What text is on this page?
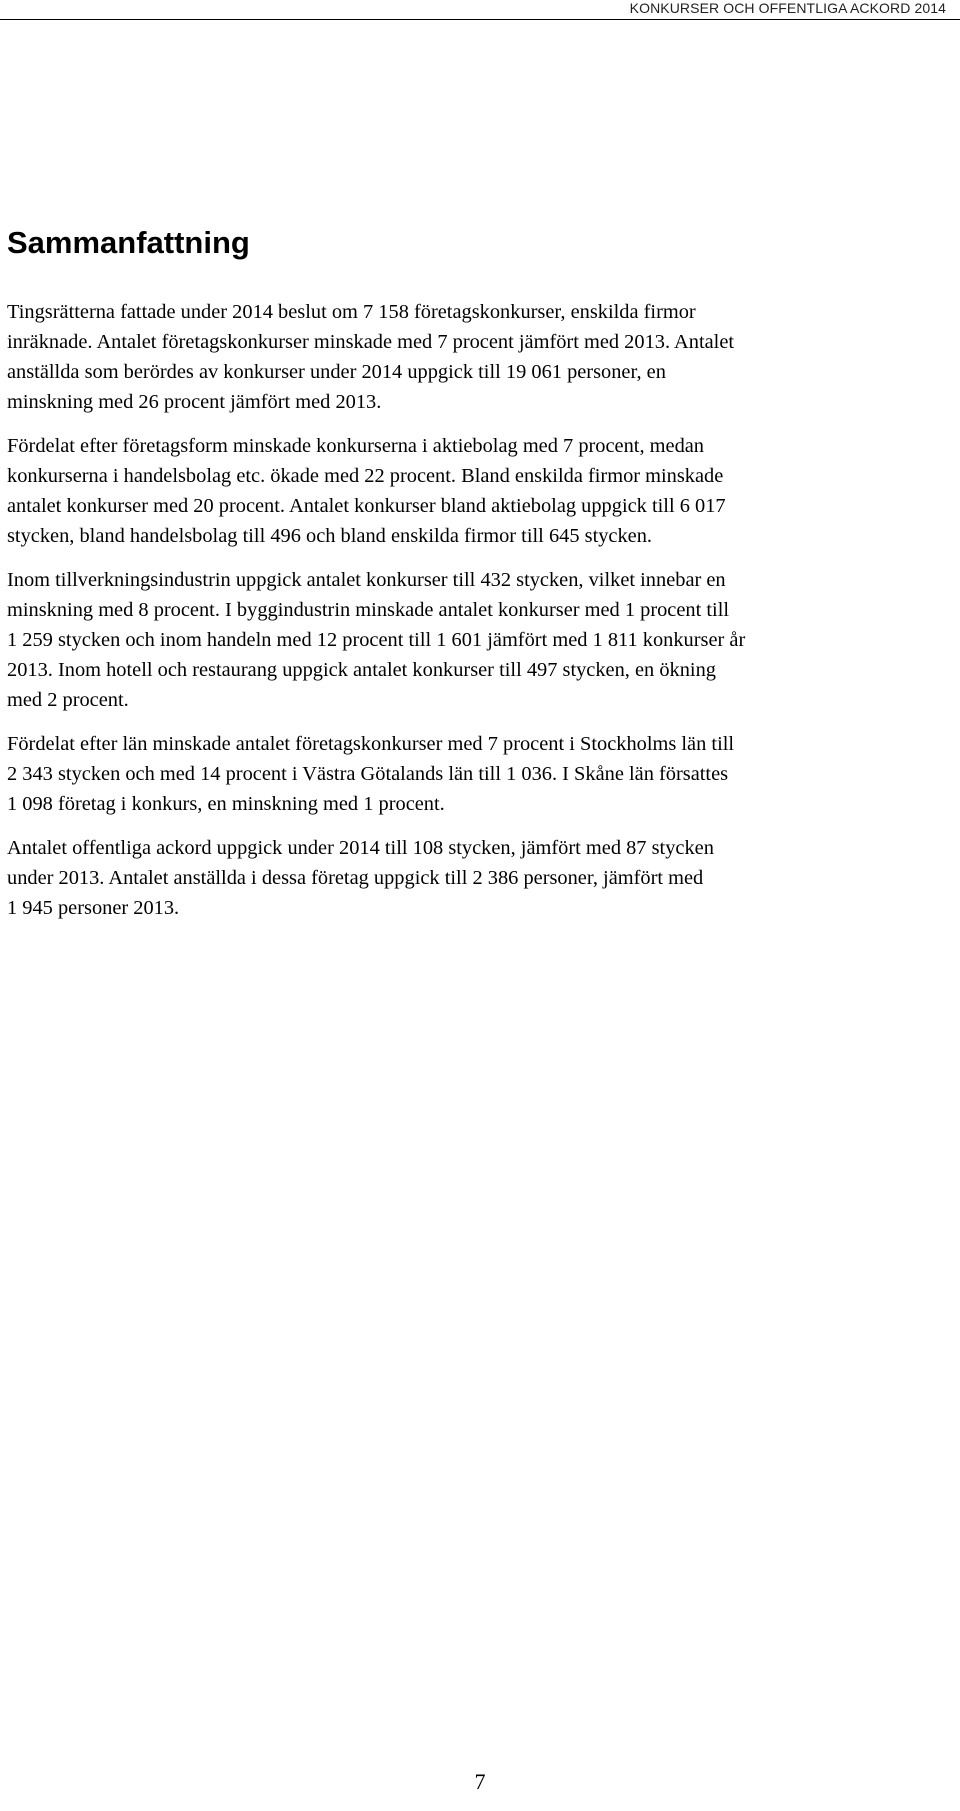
KONKURSER OCH OFFENTLIGA ACKORD 2014
Sammanfattning

Tingsrätterna fattade under 2014 beslut om 7 158 företagskonkurser, enskilda firmor
inräknade. Antalet företagskonkurser minskade med 7 procent jämfört med 2013. Antalet
anställda som berördes av konkurser under 2014 uppgick till 19 061 personer, en
minskning med 26 procent jämfört med 2013.

Fördelat efter företagsform minskade konkurserna i aktiebolag med 7 procent, medan
konkurserna i handelsbolag etc. ökade med 22 procent. Bland enskilda firmor minskade
antalet konkurser med 20 procent. Antalet konkurser bland aktiebolag uppgick till 6 017
stycken, bland handelsbolag till 496 och bland enskilda firmor till 645 stycken.

Inom tillverkningsindustrin uppgick antalet konkurser till 432 stycken, vilket innebar en
minskning med 8 procent. I byggindustrin minskade antalet konkurser med 1 procent till
1 259 stycken och inom handeln med 12 procent till 1 601 jämfört med 1 811 konkurser år
2013. Inom hotell och restaurang uppgick antalet konkurser till 497 stycken, en ökning
med 2 procent.

Fördelat efter län minskade antalet företagskonkurser med 7 procent i Stockholms län till
2 343 stycken och med 14 procent i Västra Götalands län till 1 036. I Skåne län försattes
1 098 företag i konkurs, en minskning med 1 procent.

Antalet offentliga ackord uppgick under 2014 till 108 stycken, jämfört med 87 stycken
under 2013. Antalet anställda i dessa företag uppgick till 2 386 personer, jämfört med
1 945 personer 2013.

7
